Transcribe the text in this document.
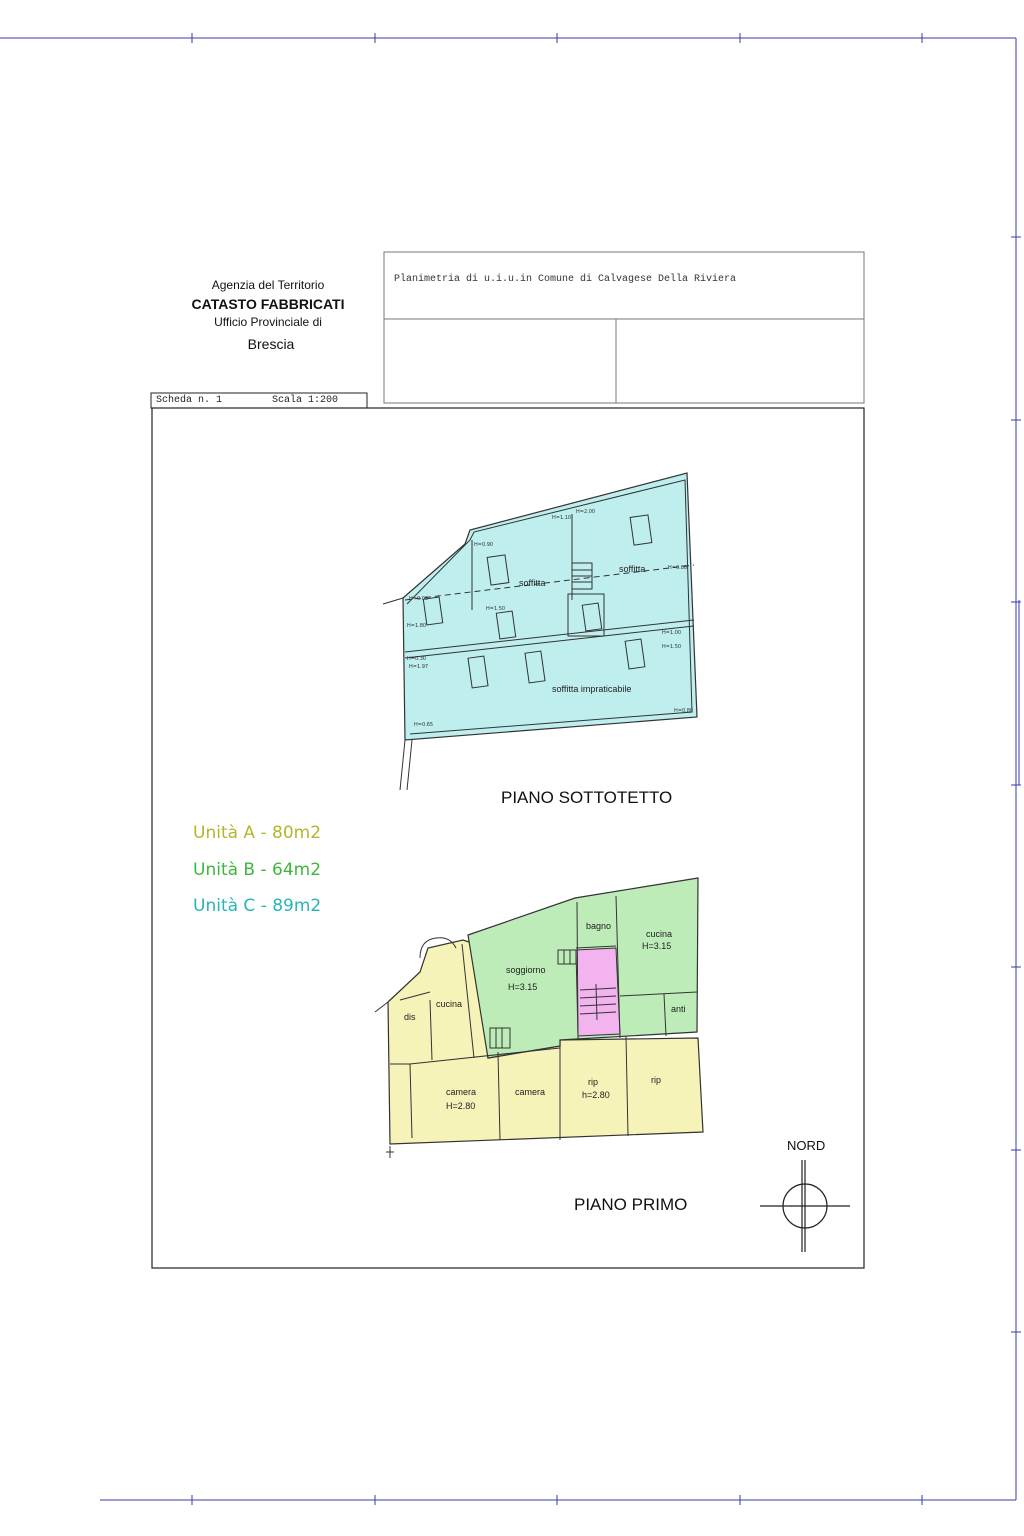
H=0.00
H=0.90
H=1.10
H=2.00
H=0.88
H=1.50
H=1.80
H=1.00
H=1.50
H=0.30
H=1.97
H=0.80
H=0.65
Agenzia del Territorio
CATASTO FABBRICATI
Ufficio Provinciale di
Brescia
Planimetria di u.i.u.in Comune di Calvagese Della Riviera
Scheda n. 1	Scala 1:200
soffitta
soffitta
soffitta impraticabile
PIANO SOTTOTETTO
Unità A - 80m2
Unità B - 64m2
Unità C - 89m2
bagno
cucina
H=3.15
soggiorno
H=3.15
anti
dis
cucina
camera
H=2.80
camera
rip
h=2.80
rip
PIANO PRIMO
NORD
